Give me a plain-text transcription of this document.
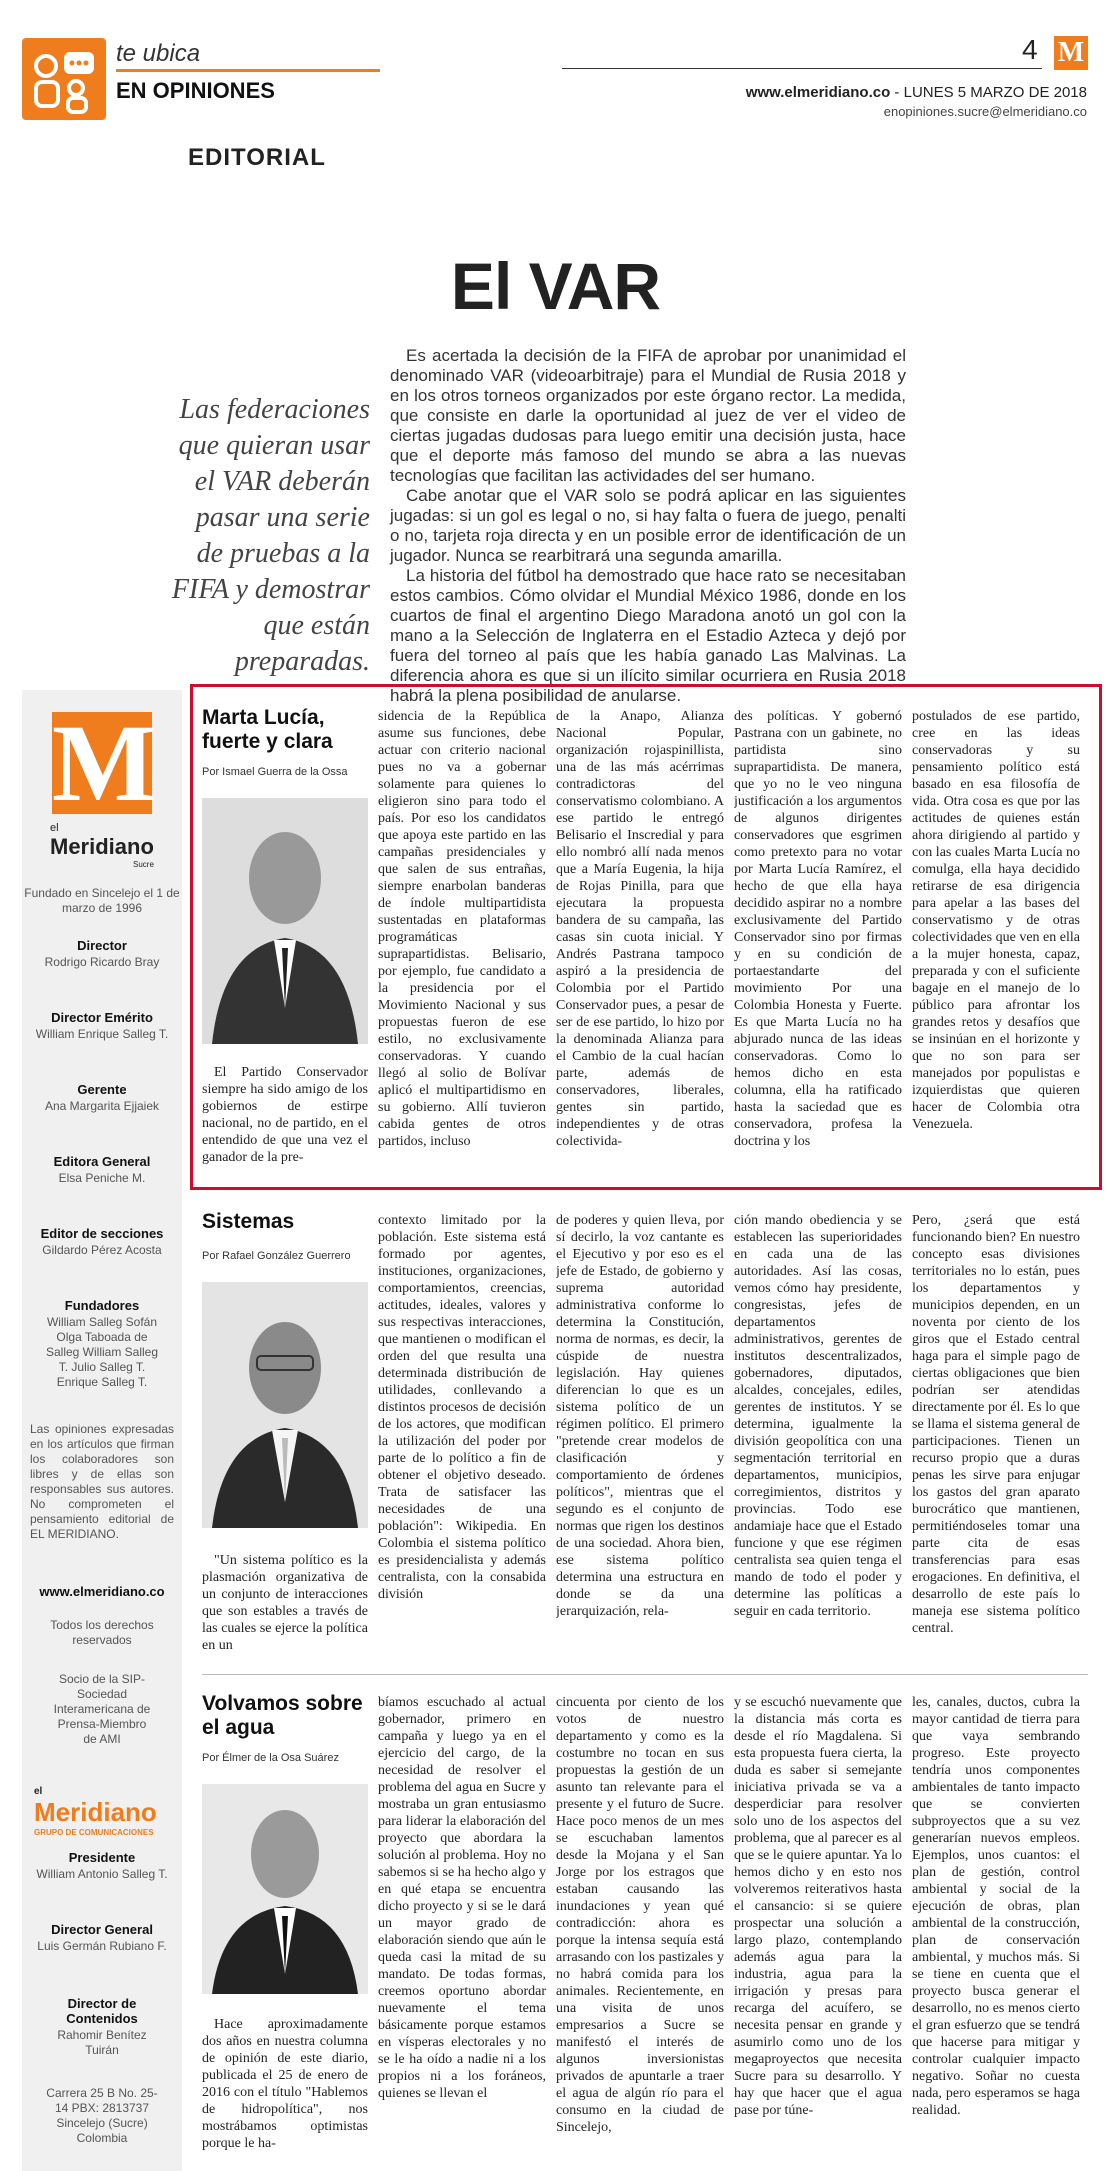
te ubica
EN OPINIONES
4 M
www.elmeridiano.co - LUNES 5 MARZO DE 2018
enopiniones.sucre@elmeridiano.co
EDITORIAL
El VAR
Las federaciones que quieran usar el VAR deberán pasar una serie de pruebas a la FIFA y demostrar que están preparadas.

Es acertada la decisión de la FIFA de aprobar por unanimidad el denominado VAR (videoarbitraje) para el Mundial de Rusia 2018 y en los otros torneos organizados por este órgano rector. La medida, que consiste en darle la oportunidad al juez de ver el video de ciertas jugadas dudosas para luego emitir una decisión justa, hace que el deporte más famoso del mundo se abra a las nuevas tecnologías que facilitan las actividades del ser humano.

Cabe anotar que el VAR solo se podrá aplicar en las siguientes jugadas: si un gol es legal o no, si hay falta o fuera de juego, penalti o no, tarjeta roja directa y en un posible error de identificación de un jugador. Nunca se rearbitrará una segunda amarilla.

La historia del fútbol ha demostrado que hace rato se necesitaban estos cambios. Cómo olvidar el Mundial México 1986, donde en los cuartos de final el argentino Diego Maradona anotó un gol con la mano a la Selección de Inglaterra en el Estadio Azteca y dejó por fuera del torneo al país que les había ganado Las Malvinas. La diferencia ahora es que si un ilícito similar ocurriera en Rusia 2018 habrá la plena posibilidad de anularse.

M
el
Meridiano
Sucre
Fundado en Sincelejo el 1 de marzo de 1996
Director
Rodrigo Ricardo Bray
Director Emérito
William Enrique Salleg T.
Gerente
Ana Margarita Ejjaiek
Editora General
Elsa Peniche M.
Editor de secciones
Gildardo Pérez Acosta
Fundadores
William Salleg Sofán Olga Taboada de Salleg William Salleg T. Julio Salleg T. Enrique Salleg T.
Las opiniones expresadas en los artículos que firman los colaboradores son libres y de ellas son responsables sus autores. No comprometen el pensamiento editorial de EL MERIDIANO.
www.elmeridiano.co
Todos los derechos reservados
Socio de la SIP-Sociedad Interamericana de Prensa-Miembro de AMI
el
Meridiano
GRUPO DE COMUNICACIONES
Presidente
William Antonio Salleg T.
Director General
Luis Germán Rubiano F.
Director de Contenidos
Rahomir Benítez Tuirán
Carrera 25 B No. 25-14 PBX: 2813737 Sincelejo (Sucre) Colombia
Marta Lucía, fuerte y clara
Por Ismael Guerra de la Ossa

El Partido Conservador siempre ha sido amigo de los gobiernos de estirpe nacional, no de partido, en el entendido de que una vez el ganador de la pre-

sidencia de la República asume sus funciones, debe actuar con criterio nacional pues no va a gobernar solamente para quienes lo eligieron sino para todo el país. Por eso los candidatos que apoya este partido en las campañas presidenciales y que salen de sus entrañas, siempre enarbolan banderas de índole multipartidista sustentadas en plataformas programáticas suprapartidistas. Belisario, por ejemplo, fue candidato a la presidencia por el Movimiento Nacional y sus propuestas fueron de ese estilo, no exclusivamente conservadoras. Y cuando llegó al solio de Bolívar aplicó el multipartidismo en su gobierno. Allí tuvieron cabida gentes de otros partidos, incluso
de la Anapo, Alianza Nacional Popular, organización rojaspinillista, una de las más acérrimas contradictoras del conservatismo colombiano. A ese partido le entregó Belisario el Inscredial y para ello nombró allí nada menos que a María Eugenia, la hija de Rojas Pinilla, para que ejecutara la propuesta bandera de su campaña, las casas sin cuota inicial. Y Andrés Pastrana tampoco aspiró a la presidencia de Colombia por el Partido Conservador pues, a pesar de ser de ese partido, lo hizo por la denominada Alianza para el Cambio de la cual hacían parte, además de conservadores, liberales, gentes sin partido, independientes y de otras colectivida-
des políticas. Y gobernó Pastrana con un gabinete, no partidista sino suprapartidista. De manera, que yo no le veo ninguna justificación a los argumentos de algunos dirigentes conservadores que esgrimen como pretexto para no votar por Marta Lucía Ramírez, el hecho de que ella haya decidido aspirar no a nombre exclusivamente del Partido Conservador sino por firmas y en su condición de portaestandarte del movimiento Por una Colombia Honesta y Fuerte. Es que Marta Lucía no ha abjurado nunca de las ideas conservadoras. Como lo hemos dicho en esta columna, ella ha ratificado hasta la saciedad que es conservadora, profesa la doctrina y los
postulados de ese partido, cree en las ideas conservadoras y su pensamiento político está basado en esa filosofía de vida. Otra cosa es que por las actitudes de quienes están ahora dirigiendo al partido y con las cuales Marta Lucía no comulga, ella haya decidido retirarse de esa dirigencia para apelar a las bases del conservatismo y de otras colectividades que ven en ella a la mujer honesta, capaz, preparada y con el suficiente bagaje en el manejo de lo público para afrontar los grandes retos y desafíos que se insinúan en el horizonte y que no son para ser manejados por populistas e izquierdistas que quieren hacer de Colombia otra Venezuela.
Sistemas
Por Rafael González Guerrero

"Un sistema político es la plasmación organizativa de un conjunto de interacciones que son estables a través de las cuales se ejerce la política en un

contexto limitado por la población. Este sistema está formado por agentes, instituciones, organizaciones, comportamientos, creencias, actitudes, ideales, valores y sus respectivas interacciones, que mantienen o modifican el orden del que resulta una determinada distribución de utilidades, conllevando a distintos procesos de decisión de los actores, que modifican la utilización del poder por parte de lo político a fin de obtener el objetivo deseado. Trata de satisfacer las necesidades de una población": Wikipedia. En Colombia el sistema político es presidencialista y además centralista, con la consabida división
de poderes y quien lleva, por sí decirlo, la voz cantante es el Ejecutivo y por eso es el jefe de Estado, de gobierno y suprema autoridad administrativa conforme lo determina la Constitución, norma de normas, es decir, la cúspide de nuestra legislación. Hay quienes diferencian lo que es un sistema político de un régimen político. El primero "pretende crear modelos de clasificación y comportamiento de órdenes políticos", mientras que el segundo es el conjunto de normas que rigen los destinos de una sociedad. Ahora bien, ese sistema político determina una estructura en donde se da una jerarquización, rela-
ción mando obediencia y se establecen las superioridades en cada una de las autoridades. Así las cosas, vemos cómo hay presidente, congresistas, jefes de departamentos administrativos, gerentes de institutos descentralizados, gobernadores, diputados, alcaldes, concejales, ediles, gerentes de institutos. Y se determina, igualmente la división geopolítica con una segmentación territorial en departamentos, municipios, corregimientos, distritos y provincias. Todo ese andamiaje hace que el Estado funcione y que ese régimen centralista sea quien tenga el mando de todo el poder y determine las políticas a seguir en cada territorio.
Pero, ¿será que está funcionando bien? En nuestro concepto esas divisiones territoriales no lo están, pues los departamentos y municipios dependen, en un noventa por ciento de los giros que el Estado central haga para el simple pago de ciertas obligaciones que bien podrían ser atendidas directamente por él. Es lo que se llama el sistema general de participaciones. Tienen un recurso propio que a duras penas les sirve para enjugar los gastos del gran aparato burocrático que mantienen, permitiéndoseles tomar una parte cita de esas transferencias para esas erogaciones. En definitiva, el desarrollo de este país lo maneja ese sistema político central.
Volvamos sobre el agua
Por Élmer de la Osa Suárez

Hace aproximadamente dos años en nuestra columna de opinión de este diario, publicada el 25 de enero de 2016 con el título "Hablemos de hidropolítica", nos mostrábamos optimistas porque le ha-

bíamos escuchado al actual gobernador, primero en campaña y luego ya en el ejercicio del cargo, de la necesidad de resolver el problema del agua en Sucre y mostraba un gran entusiasmo para liderar la elaboración del proyecto que abordara la solución al problema. Hoy no sabemos si se ha hecho algo y en qué etapa se encuentra dicho proyecto y si se le dará un mayor grado de elaboración siendo que aún le queda casi la mitad de su mandato. De todas formas, creemos oportuno abordar nuevamente el tema básicamente porque estamos en vísperas electorales y no se le ha oído a nadie ni a los propios ni a los foráneos, quienes se llevan el
cincuenta por ciento de los votos de nuestro departamento y como es la costumbre no tocan en sus propuestas la gestión de un asunto tan relevante para el presente y el futuro de Sucre. Hace poco menos de un mes se escuchaban lamentos desde la Mojana y el San Jorge por los estragos que estaban causando las inundaciones y yean qué contradicción: ahora es porque la intensa sequía está arrasando con los pastizales y no habrá comida para los animales. Recientemente, en una visita de unos empresarios a Sucre se manifestó el interés de algunos inversionistas privados de apuntarle a traer el agua de algún río para el consumo en la ciudad de Sincelejo,
y se escuchó nuevamente que la distancia más corta es desde el río Magdalena. Si esta propuesta fuera cierta, la duda es saber si semejante iniciativa privada se va a desperdiciar para resolver solo uno de los aspectos del problema, que al parecer es al que se le quiere apuntar. Ya lo hemos dicho y en esto nos volveremos reiterativos hasta el cansancio: si se quiere prospectar una solución a largo plazo, contemplando además agua para la industria, agua para la irrigación y presas para recarga del acuífero, se necesita pensar en grande y asumirlo como uno de los megaproyectos que necesita Sucre para su desarrollo. Y hay que hacer que el agua pase por túne-
les, canales, ductos, cubra la mayor cantidad de tierra para que vaya sembrando progreso. Este proyecto tendría unos componentes ambientales de tanto impacto que se convierten subproyectos que a su vez generarían nuevos empleos. Ejemplos, unos cuantos: el plan de gestión, control ambiental y social de la ejecución de obras, plan ambiental de la construcción, plan de conservación ambiental, y muchos más. Si se tiene en cuenta que el proyecto busca generar el desarrollo, no es menos cierto el gran esfuerzo que se tendrá que hacerse para mitigar y controlar cualquier impacto negativo. Soñar no cuesta nada, pero esperamos se haga realidad.
